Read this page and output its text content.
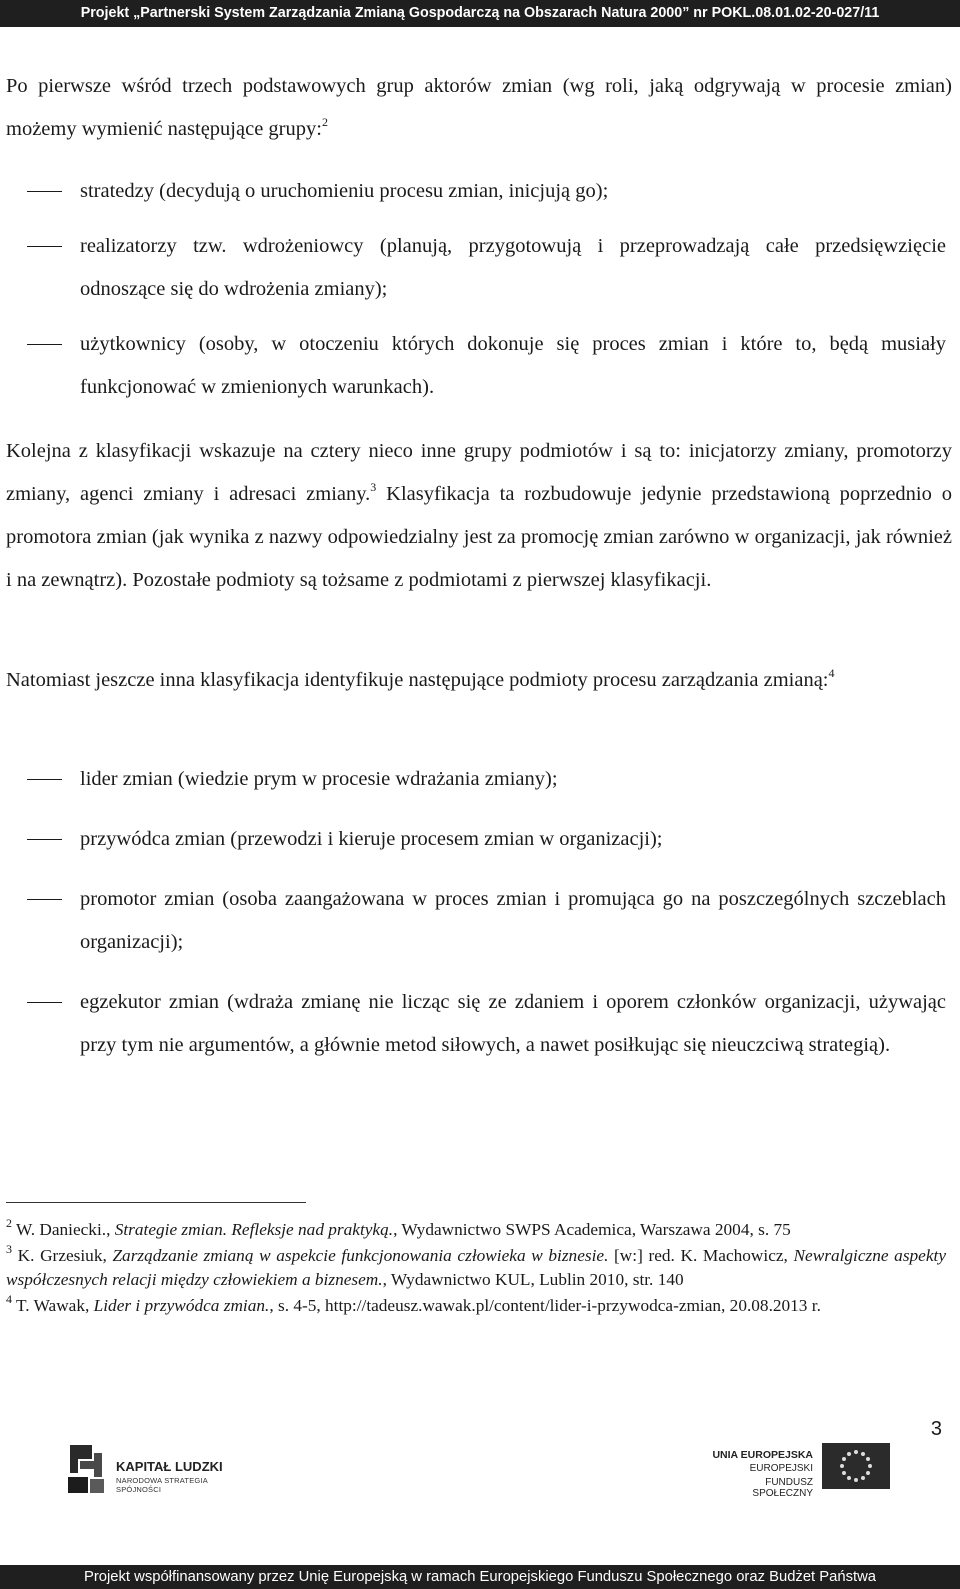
Projekt „Partnerski System Zarządzania Zmianą Gospodarczą na Obszarach Natura 2000” nr POKL.08.01.02-20-027/11

Po pierwsze wśród trzech podstawowych grup aktorów zmian (wg roli, jaką odgrywają w procesie zmian) możemy wymienić następujące grupy:$^2$

stratedzy (decydują o uruchomieniu procesu zmian, inicjują go);
realizatorzy tzw. wdrożeniowcy (planują, przygotowują i przeprowadzają całe przedsięwzięcie odnoszące się do wdrożenia zmiany);
użytkownicy (osoby, w otoczeniu których dokonuje się proces zmian i które to, będą musiały funkcjonować w zmienionych warunkach).

Kolejna z klasyfikacji wskazuje na cztery nieco inne grupy podmiotów i są to: inicjatorzy zmiany, promotorzy zmiany, agenci zmiany i adresaci zmiany.$^3$ Klasyfikacja ta rozbudowuje jedynie przedstawioną poprzednio o promotora zmian (jak wynika z nazwy odpowiedzialny jest za promocję zmian zarówno w organizacji, jak również i na zewnątrz). Pozostałe podmioty są tożsame z podmiotami z pierwszej klasyfikacji.

Natomiast jeszcze inna klasyfikacja identyfikuje następujące podmioty procesu zarządzania zmianą:$^4$

lider zmian (wiedzie prym w procesie wdrażania zmiany);
przywódca zmian (przewodzi i kieruje procesem zmian w organizacji);
promotor zmian (osoba zaangażowana w proces zmian i promująca go na poszczególnych szczeblach organizacji);
egzekutor zmian (wdraża zmianę nie licząc się ze zdaniem i oporem członków organizacji, używając przy tym nie argumentów, a głównie metod siłowych, a nawet posiłkując się nieuczciwą strategią).

$^2$ W. Daniecki., Strategie zmian. Refleksje nad praktyką., Wydawnictwo SWPS Academica, Warszawa 2004, s. 75

$^3$ K. Grzesiuk, Zarządzanie zmianą w aspekcie funkcjonowania człowieka w biznesie. [w:] red. K. Machowicz, Newralgiczne aspekty współczesnych relacji między człowiekiem a biznesem., Wydawnictwo KUL, Lublin 2010, str. 140

$^4$ T. Wawak, Lider i przywódca zmian., s. 4-5, http://tadeusz.wawak.pl/content/lider-i-przywodca-zmian, 20.08.2013 r.

3
KAPITAŁ LUDZKI
NARODOWA STRATEGIA SPÓJNOŚCI
UNIA EUROPEJSKA
EUROPEJSKI
FUNDUSZ SPOŁECZNY
Projekt współfinansowany przez Unię Europejską w ramach Europejskiego Funduszu Społecznego oraz Budżet Państwa
